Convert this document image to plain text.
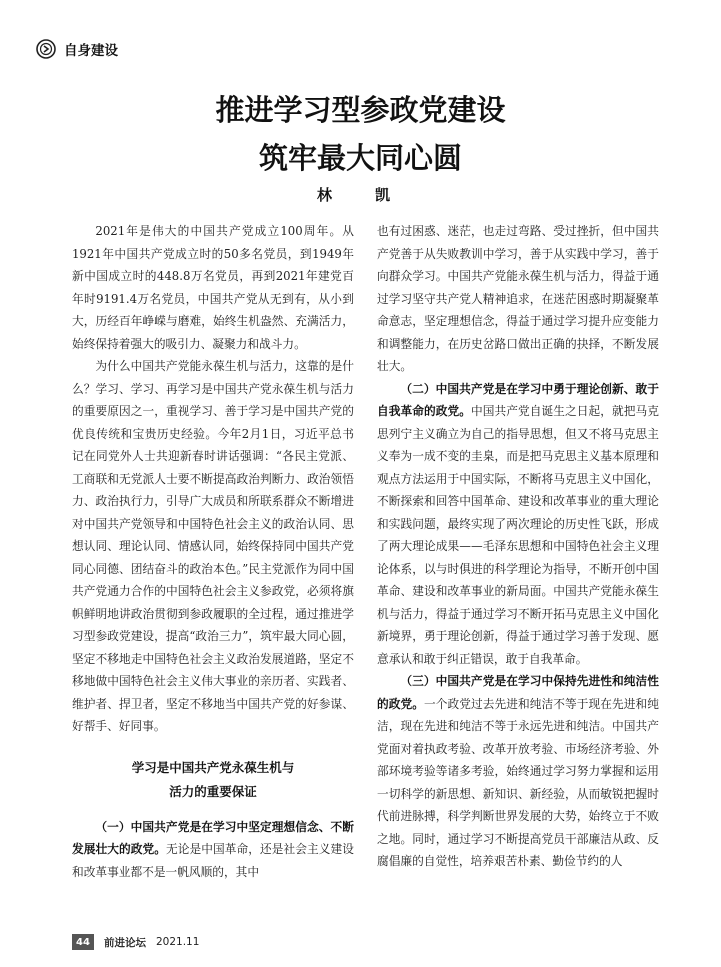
自身建设
推进学习型参政党建设
筑牢最大同心圆
林　凯

2021年是伟大的中国共产党成立100周年。从1921年中国共产党成立时的50多名党员，到1949年新中国成立时的448.8万名党员，再到2021年建党百年时9191.4万名党员，中国共产党从无到有，从小到大，历经百年峥嵘与磨难，始终生机盎然、充满活力，始终保持着强大的吸引力、凝聚力和战斗力。

为什么中国共产党能永葆生机与活力，这靠的是什么？学习、学习、再学习是中国共产党永葆生机与活力的重要原因之一，重视学习、善于学习是中国共产党的优良传统和宝贵历史经验。今年2月1日，习近平总书记在同党外人士共迎新春时讲话强调：“各民主党派、工商联和无党派人士要不断提高政治判断力、政治领悟力、政治执行力，引导广大成员和所联系群众不断增进对中国共产党领导和中国特色社会主义的政治认同、思想认同、理论认同、情感认同，始终保持同中国共产党同心同德、团结奋斗的政治本色。”民主党派作为同中国共产党通力合作的中国特色社会主义参政党，必须将旗帜鲜明地讲政治贯彻到参政履职的全过程，通过推进学习型参政党建设，提高“政治三力”，筑牢最大同心圆，坚定不移地走中国特色社会主义政治发展道路，坚定不移地做中国特色社会主义伟大事业的亲历者、实践者、维护者、捍卫者，坚定不移地当中国共产党的好参谋、好帮手、好同事。

学习是中国共产党永葆生机与
活力的重要保证

（一）中国共产党是在学习中坚定理想信念、不断发展壮大的政党。无论是中国革命，还是社会主义建设和改革事业都不是一帆风顺的，其中

也有过困惑、迷茫，也走过弯路、受过挫折，但中国共产党善于从失败教训中学习，善于从实践中学习，善于向群众学习。中国共产党能永葆生机与活力，得益于通过学习坚守共产党人精神追求，在迷茫困惑时期凝聚革命意志，坚定理想信念，得益于通过学习提升应变能力和调整能力，在历史岔路口做出正确的抉择，不断发展壮大。

（二）中国共产党是在学习中勇于理论创新、敢于自我革命的政党。中国共产党自诞生之日起，就把马克思列宁主义确立为自己的指导思想，但又不将马克思主义奉为一成不变的圭臬，而是把马克思主义基本原理和观点方法运用于中国实际，不断将马克思主义中国化，不断探索和回答中国革命、建设和改革事业的重大理论和实践问题，最终实现了两次理论的历史性飞跃，形成了两大理论成果——毛泽东思想和中国特色社会主义理论体系，以与时俱进的科学理论为指导，不断开创中国革命、建设和改革事业的新局面。中国共产党能永葆生机与活力，得益于通过学习不断开拓马克思主义中国化新境界，勇于理论创新，得益于通过学习善于发现、愿意承认和敢于纠正错误，敢于自我革命。

（三）中国共产党是在学习中保持先进性和纯洁性的政党。一个政党过去先进和纯洁不等于现在先进和纯洁，现在先进和纯洁不等于永远先进和纯洁。中国共产党面对着执政考验、改革开放考验、市场经济考验、外部环境考验等诸多考验，始终通过学习努力掌握和运用一切科学的新思想、新知识、新经验，从而敏锐把握时代前进脉搏，科学判断世界发展的大势，始终立于不败之地。同时，通过学习不断提高党员干部廉洁从政、反腐倡廉的自觉性，培养艰苦朴素、勤俭节约的人

44	前进论坛 2021.11
